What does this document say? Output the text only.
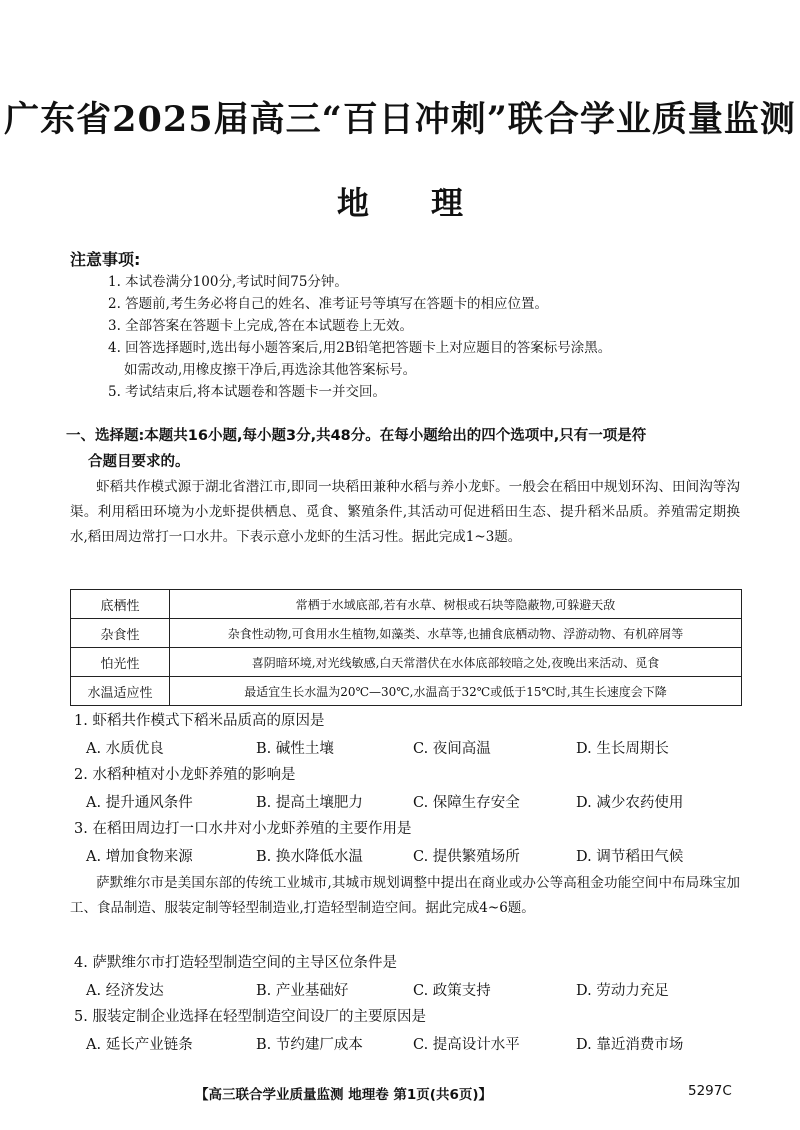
广东省2025届高三“百日冲刺”联合学业质量监测
地理
注意事项:
1. 本试卷满分100分,考试时间75分钟。
2. 答题前,考生务必将自己的姓名、准考证号等填写在答题卡的相应位置。
3. 全部答案在答题卡上完成,答在本试题卷上无效。
4. 回答选择题时,选出每小题答案后,用2B铅笔把答题卡上对应题目的答案标号涂黑。
如需改动,用橡皮擦干净后,再选涂其他答案标号。
5. 考试结束后,将本试题卷和答题卡一并交回。
一、选择题:本题共16小题,每小题3分,共48分。在每小题给出的四个选项中,只有一项是符
合题目要求的。
虾稻共作模式源于湖北省潜江市,即同一块稻田兼种水稻与养小龙虾。一般会在稻田中规划环沟、田间沟等沟渠。利用稻田环境为小龙虾提供栖息、觅食、繁殖条件,其活动可促进稻田生态、提升稻米品质。养殖需定期换水,稻田周边常打一口水井。下表示意小龙虾的生活习性。据此完成1~3题。
底栖性	常栖于水域底部,若有水草、树根或石块等隐蔽物,可躲避天敌
杂食性	杂食性动物,可食用水生植物,如藻类、水草等,也捕食底栖动物、浮游动物、有机碎屑等
怕光性	喜阴暗环境,对光线敏感,白天常潜伏在水体底部较暗之处,夜晚出来活动、觅食
水温适应性	最适宜生长水温为20℃—30℃,水温高于32℃或低于15℃时,其生长速度会下降
1. 虾稻共作模式下稻米品质高的原因是
A. 水质优良	B. 碱性土壤	C. 夜间高温	D. 生长周期长
2. 水稻种植对小龙虾养殖的影响是
A. 提升通风条件	B. 提高土壤肥力	C. 保障生存安全	D. 减少农药使用
3. 在稻田周边打一口水井对小龙虾养殖的主要作用是
A. 增加食物来源	B. 换水降低水温	C. 提供繁殖场所	D. 调节稻田气候
萨默维尔市是美国东部的传统工业城市,其城市规划调整中提出在商业或办公等高租金功能空间中布局珠宝加工、食品制造、服装定制等轻型制造业,打造轻型制造空间。据此完成4~6题。
4. 萨默维尔市打造轻型制造空间的主导区位条件是
A. 经济发达	B. 产业基础好	C. 政策支持	D. 劳动力充足
5. 服装定制企业选择在轻型制造空间设厂的主要原因是
A. 延长产业链条	B. 节约建厂成本	C. 提高设计水平	D. 靠近消费市场
【高三联合学业质量监测 地理卷 第1页(共6页)】	5297C
